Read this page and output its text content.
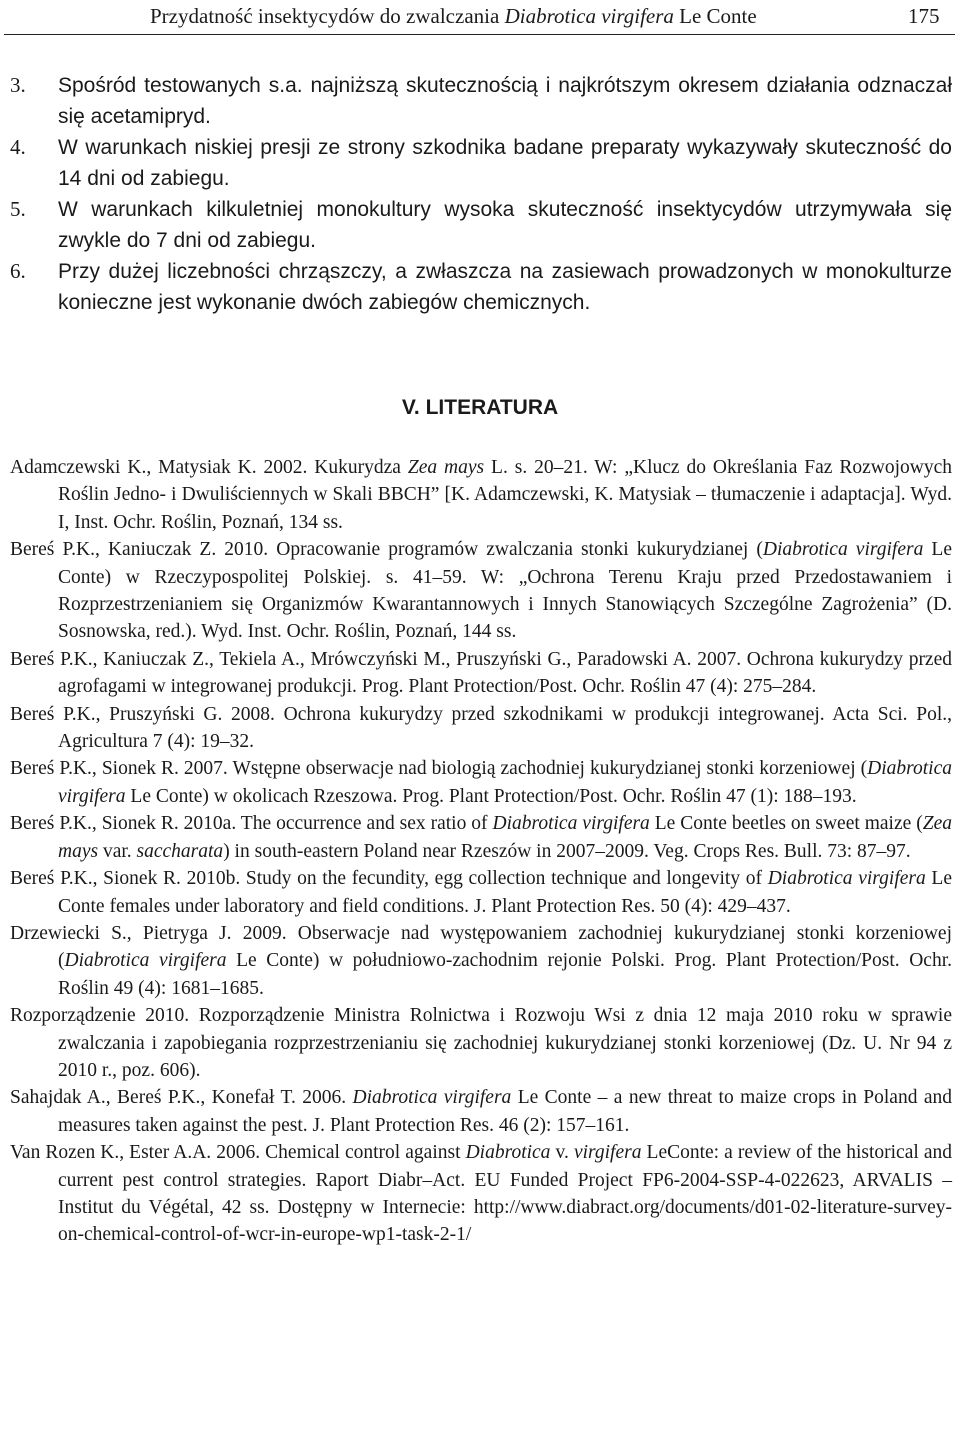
Przydatność insektycydów do zwalczania Diabrotica virgifera Le Conte	175
3. Spośród testowanych s.a. najniższą skutecznością i najkrótszym okresem działania odznaczał się acetamipryd.
4. W warunkach niskiej presji ze strony szkodnika badane preparaty wykazywały skuteczność do 14 dni od zabiegu.
5. W warunkach kilkuletniej monokultury wysoka skuteczność insektycydów utrzymywała się zwykle do 7 dni od zabiegu.
6. Przy dużej liczebności chrząszczy, a zwłaszcza na zasiewach prowadzonych w monokulturze konieczne jest wykonanie dwóch zabiegów chemicznych.
V. LITERATURA
Adamczewski K., Matysiak K. 2002. Kukurydza Zea mays L. s. 20–21. W: „Klucz do Określania Faz Rozwojowych Roślin Jedno- i Dwuliściennych w Skali BBCH” [K. Adamczewski, K. Matysiak – tłumaczenie i adaptacja]. Wyd. I, Inst. Ochr. Roślin, Poznań, 134 ss.
Bereś P.K., Kaniuczak Z. 2010. Opracowanie programów zwalczania stonki kukurydzianej (Diabrotica virgifera Le Conte) w Rzeczypospolitej Polskiej. s. 41–59. W: „Ochrona Terenu Kraju przed Przedostawaniem i Rozprzestrzenianiem się Organizmów Kwarantannowych i Innych Stanowiących Szczególne Zagrożenia” (D. Sosnowska, red.). Wyd. Inst. Ochr. Roślin, Poznań, 144 ss.
Bereś P.K., Kaniuczak Z., Tekiela A., Mrówczyński M., Pruszyński G., Paradowski A. 2007. Ochrona kukurydzy przed agrofagami w integrowanej produkcji. Prog. Plant Protection/Post. Ochr. Roślin 47 (4): 275–284.
Bereś P.K., Pruszyński G. 2008. Ochrona kukurydzy przed szkodnikami w produkcji integrowanej. Acta Sci. Pol., Agricultura 7 (4): 19–32.
Bereś P.K., Sionek R. 2007. Wstępne obserwacje nad biologią zachodniej kukurydzianej stonki korzeniowej (Diabrotica virgifera Le Conte) w okolicach Rzeszowa. Prog. Plant Protection/Post. Ochr. Roślin 47 (1): 188–193.
Bereś P.K., Sionek R. 2010a. The occurrence and sex ratio of Diabrotica virgifera Le Conte beetles on sweet maize (Zea mays var. saccharata) in south-eastern Poland near Rzeszów in 2007–2009. Veg. Crops Res. Bull. 73: 87–97.
Bereś P.K., Sionek R. 2010b. Study on the fecundity, egg collection technique and longevity of Diabrotica virgifera Le Conte females under laboratory and field conditions. J. Plant Protection Res. 50 (4): 429–437.
Drzewiecki S., Pietryga J. 2009. Obserwacje nad występowaniem zachodniej kukurydzianej stonki korzeniowej (Diabrotica virgifera Le Conte) w południowo-zachodnim rejonie Polski. Prog. Plant Protection/Post. Ochr. Roślin 49 (4): 1681–1685.
Rozporządzenie 2010. Rozporządzenie Ministra Rolnictwa i Rozwoju Wsi z dnia 12 maja 2010 roku w sprawie zwalczania i zapobiegania rozprzestrzenianiu się zachodniej kukurydzianej stonki korzeniowej (Dz. U. Nr 94 z 2010 r., poz. 606).
Sahajdak A., Bereś P.K., Konefał T. 2006. Diabrotica virgifera Le Conte – a new threat to maize crops in Poland and measures taken against the pest. J. Plant Protection Res. 46 (2): 157–161.
Van Rozen K., Ester A.A. 2006. Chemical control against Diabrotica v. virgifera LeConte: a review of the historical and current pest control strategies. Raport Diabr–Act. EU Funded Project FP6-2004-SSP-4-022623, ARVALIS – Institut du Végétal, 42 ss. Dostępny w Internecie: http://www.diabract.org/documents/d01-02-literature-survey-on-chemical-control-of-wcr-in-europe-wp1-task-2-1/
